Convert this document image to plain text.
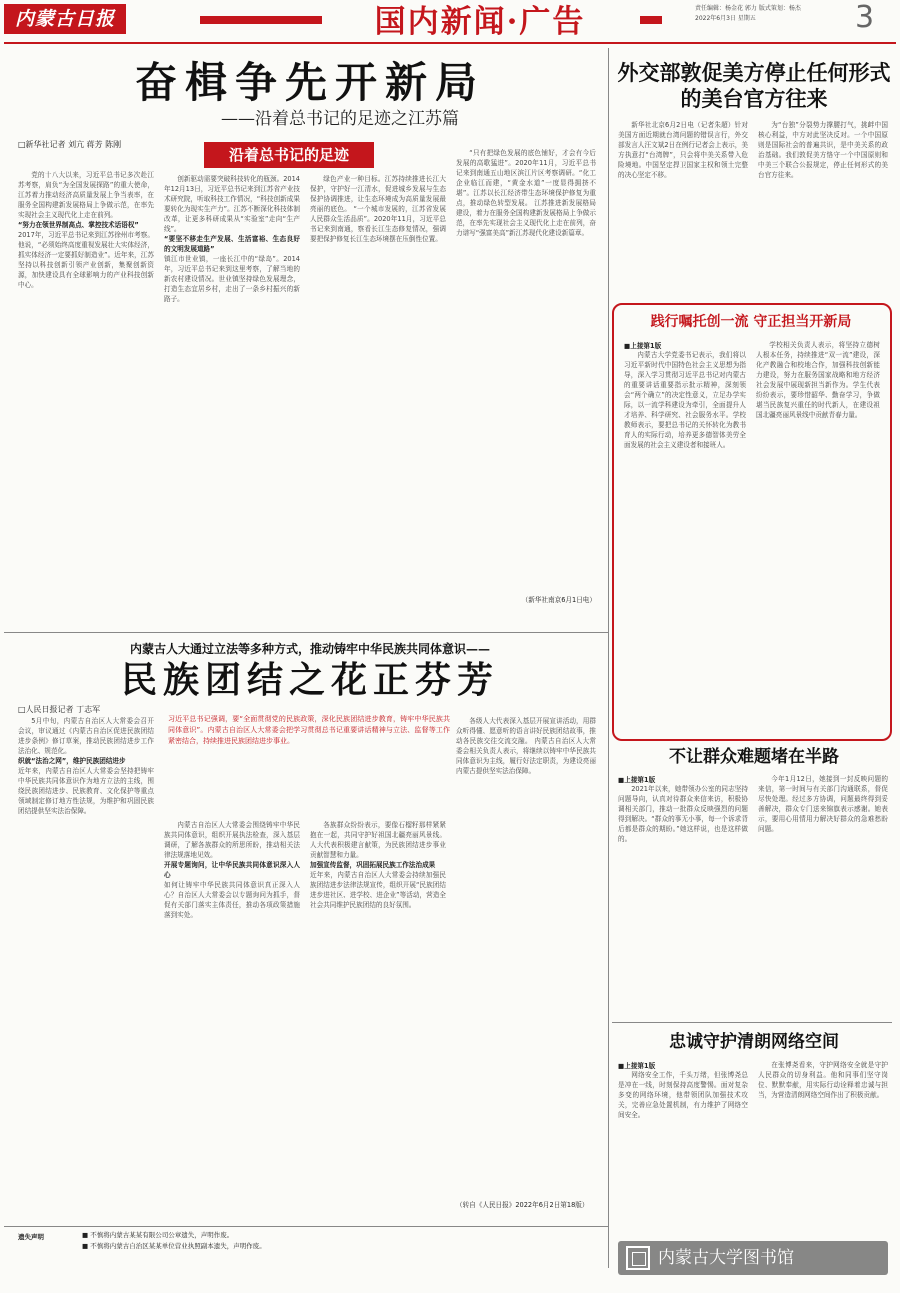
内蒙古日报	国内新闻·广告	责任编辑：杨金花 郭力 版式策划：杨杰
2022年6月3日 星期五	3
奋楫争先开新局
——沿着总书记的足迹之江苏篇
□新华社记者 刘亢 蒋芳 陈刚
沿着总书记的足迹
党的十八大以来，习近平总书记多次赴江苏考察，肩负“为全国发展探路”的重大使命，江苏着力推动经济高质量发展上争当表率，在服务全国构建新发展格局上争做示范，在率先实现社会主义现代化上走在前列。
“努力在领世界制高点、掌控技术话语权”
2017年，习近平总书记来到江苏徐州市考察。他说，“必须始终高度重视发展壮大实体经济，抓实体经济一定要抓好制造业”。近年来，江苏坚持以科技创新引领产业创新，集聚创新资源，加快建设具有全球影响力的产业科技创新中心。
创新驱动需要突破科技转化的瓶颈。2014年12月13日，习近平总书记来到江苏省产业技术研究院，听取科技工作情况，“科技创新成果要转化为现实生产力”。江苏不断深化科技体制改革，让更多科研成果从“实验室”走向“生产线”。
“要坚不移走生产发展、生活富裕、生态良好的文明发展道路”
镇江市世业镇，一座长江中的“绿岛”。2014年，习近平总书记来到这里考察，了解当地的新农村建设情况。世业镇坚持绿色发展理念，打造生态宜居乡村，走出了一条乡村振兴的新路子。
绿色产业一种目标。江苏持续推进长江大保护，守护好一江清水，促进城乡发展与生态保护协调推进，让生态环境成为高质量发展最亮丽的底色。 “一个城市发展的，江苏省发展人民群众生活品质”。2020年11月，习近平总书记来到南通，察看长江生态修复情况，强调要把保护修复长江生态环境摆在压倒性位置。
“只有把绿色发展的底色铺好，才会有今后发展的高歌猛进”。2020年11月，习近平总书记来到南通五山地区滨江片区考察调研。“化工企业临江而建，“黄金水道”一度显得拥挤不堪”。江苏以长江经济带生态环境保护修复为重点，推动绿色转型发展。 江苏推进新发展格局建设，着力在服务全国构建新发展格局上争做示范，在率先实现社会主义现代化上走在前列，奋力谱写“强富美高”新江苏现代化建设新篇章。
（新华社南京6月1日电）
外交部敦促美方停止任何形式的美台官方往来
新华社北京6月2日电（记者朱超）针对美国方面近期就台湾问题的错误言行，外交部发言人汪文斌2日在例行记者会上表示，美方执意打“台湾牌”，只会将中美关系带入危险境地。中国坚定捍卫国家主权和领土完整的决心坚定不移。
为“台独”分裂势力撑腰打气，挑衅中国核心利益，中方对此坚决反对。一个中国原则是国际社会的普遍共识，是中美关系的政治基础。我们敦促美方恪守一个中国原则和中美三个联合公报规定，停止任何形式的美台官方往来。
践行嘱托创一流 守正担当开新局
■上接第1版
内蒙古大学党委书记表示，我们将以习近平新时代中国特色社会主义思想为指导，深入学习贯彻习近平总书记对内蒙古的重要讲话重要指示批示精神，深刻领会“两个确立”的决定性意义，立足办学实际，以一流学科建设为牵引，全面提升人才培养、科学研究、社会服务水平。学校教师表示，要把总书记的关怀转化为教书育人的实际行动，培养更多德智体美劳全面发展的社会主义建设者和接班人。
学校相关负责人表示，将坚持立德树人根本任务，持续推进“双一流”建设，深化产教融合和校地合作，加强科技创新能力建设，努力在服务国家战略和地方经济社会发展中展现新担当新作为。学生代表纷纷表示，要珍惜韶华、勤奋学习，争做堪当民族复兴重任的时代新人，在建设祖国北疆亮丽风景线中贡献青春力量。
不让群众难题堵在半路
■上接第1版
2021年以来，她带领办公室的同志坚持问题导向，认真对待群众来信来访，积极协调相关部门，推动一批群众反映强烈的问题得到解决。“群众的事无小事，每一个诉求背后都是群众的期盼。”她这样说，也是这样做的。
今年1月12日，她接到一封反映问题的来信，第一时间与有关部门沟通联系，督促尽快处理。经过多方协调，问题最终得到妥善解决，群众专门送来锦旗表示感谢。她表示，要用心用情用力解决好群众的急难愁盼问题。
忠诚守护清朗网络空间
■上接第1版
网络安全工作，千头万绪，但张博尧总是冲在一线，时刻保持高度警惕。面对复杂多变的网络环境，他带领团队加强技术攻关，完善应急处置机制，有力维护了网络空间安全。
在张博尧看来，守护网络安全就是守护人民群众的切身利益。他和同事们坚守岗位、默默奉献，用实际行动诠释着忠诚与担当，为营造清朗网络空间作出了积极贡献。
内蒙古人大通过立法等多种方式，推动铸牢中华民族共同体意识——
民族团结之花正芬芳
□人民日报记者 丁志军
5月中旬，内蒙古自治区人大常委会召开会议，审议通过《内蒙古自治区促进民族团结进步条例》修订草案，推动民族团结进步工作法治化、规范化。
织就“法治之网”，维护民族团结进步
近年来，内蒙古自治区人大常委会坚持把铸牢中华民族共同体意识作为地方立法的主线，围绕民族团结进步、民族教育、文化保护等重点领域制定修订地方性法规，为维护和巩固民族团结提供坚实法治保障。
习近平总书记强调，要“全面贯彻党的民族政策，深化民族团结进步教育，铸牢中华民族共同体意识”。内蒙古自治区人大常委会把学习贯彻总书记重要讲话精神与立法、监督等工作紧密结合，持续推进民族团结进步事业。
内蒙古自治区人大常委会围绕铸牢中华民族共同体意识，组织开展执法检查，深入基层调研，了解各族群众的所思所盼，推动相关法律法规落地见效。
开展专题询问，让中华民族共同体意识深入人心
如何让铸牢中华民族共同体意识真正深入人心？自治区人大常委会以专题询问为抓手，督促有关部门落实主体责任，推动各项政策措施落到实处。
各族群众纷纷表示，要像石榴籽那样紧紧抱在一起，共同守护好祖国北疆亮丽风景线。人大代表积极建言献策，为民族团结进步事业贡献智慧和力量。
加强宣传监督，巩固拓展民族工作法治成果
近年来，内蒙古自治区人大常委会持续加强民族团结进步法律法规宣传，组织开展“民族团结进步进社区、进学校、进企业”等活动，营造全社会共同维护民族团结的良好氛围。
各级人大代表深入基层开展宣讲活动，用群众听得懂、愿意听的语言讲好民族团结故事，推动各民族交往交流交融。 内蒙古自治区人大常委会相关负责人表示，将继续以铸牢中华民族共同体意识为主线，履行好法定职责，为建设亮丽内蒙古提供坚实法治保障。
（转自《人民日报》2022年6月2日第18版）
遗失声明	■ 不慎将内蒙古某某有限公司公章遗失，声明作废。
■ 不慎将内蒙古自治区某某单位营业执照副本遗失，声明作废。
内蒙古大学图书馆
